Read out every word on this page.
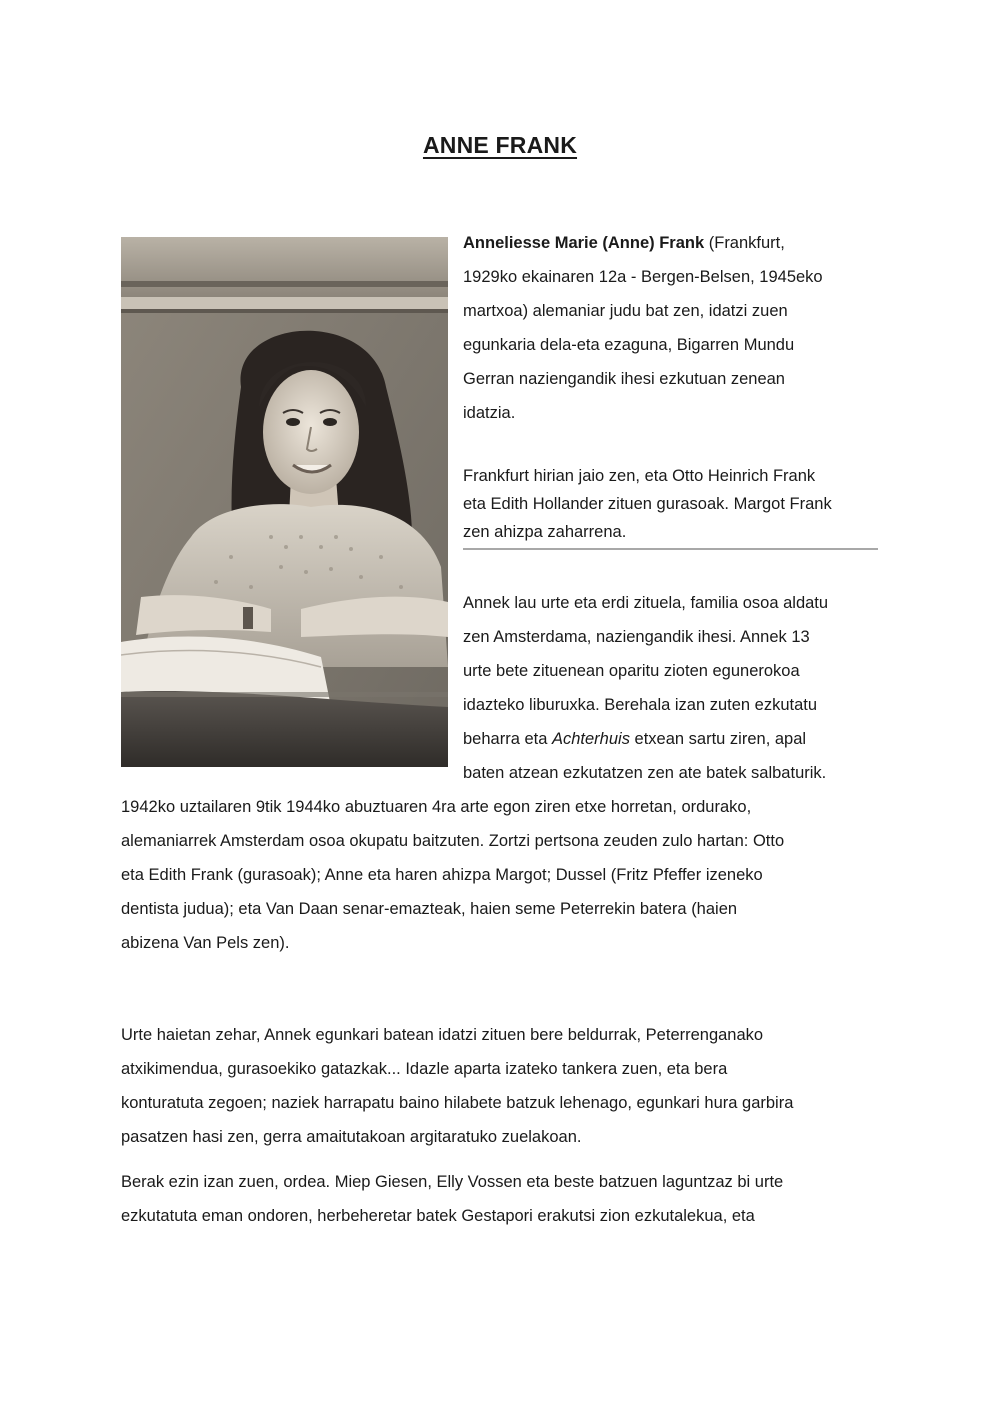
ANNE FRANK

Anneliesse Marie (Anne) Frank (Frankfurt,
1929ko ekainaren 12a - Bergen-Belsen, 1945eko
martxoa) alemaniar judu bat zen, idatzi zuen
egunkaria dela-eta ezaguna, Bigarren Mundu
Gerran naziengandik ihesi ezkutuan zenean
idatzia.

Frankfurt hirian jaio zen, eta Otto Heinrich Frank
eta Edith Hollander zituen gurasoak. Margot Frank
zen ahizpa zaharrena.

Annek lau urte eta erdi zituela, familia osoa aldatu
zen Amsterdama, naziengandik ihesi. Annek 13
urte bete zituenean oparitu zioten egunerokoa
idazteko liburuxka. Berehala izan zuten ezkutatu
beharra eta Achterhuis etxean sartu ziren, apal
baten atzean ezkutatzen zen ate batek salbaturik.

1942ko uztailaren 9tik 1944ko abuztuaren 4ra arte egon ziren etxe horretan, ordurako,
alemaniarrek Amsterdam osoa okupatu baitzuten. Zortzi pertsona zeuden zulo hartan: Otto
eta Edith Frank (gurasoak); Anne eta haren ahizpa Margot; Dussel (Fritz Pfeffer izeneko
dentista judua); eta Van Daan senar-emazteak, haien seme Peterrekin batera (haien
abizena Van Pels zen).

Urte haietan zehar, Annek egunkari batean idatzi zituen bere beldurrak, Peterrenganako
atxikimendua, gurasoekiko gatazkak... Idazle aparta izateko tankera zuen, eta bera
konturatuta zegoen; naziek harrapatu baino hilabete batzuk lehenago, egunkari hura garbira
pasatzen hasi zen, gerra amaitutakoan argitaratuko zuelakoan.

Berak ezin izan zuen, ordea. Miep Giesen, Elly Vossen eta beste batzuen laguntzaz bi urte
ezkutatuta eman ondoren, herbeheretar batek Gestapori erakutsi zion ezkutalekua, eta
